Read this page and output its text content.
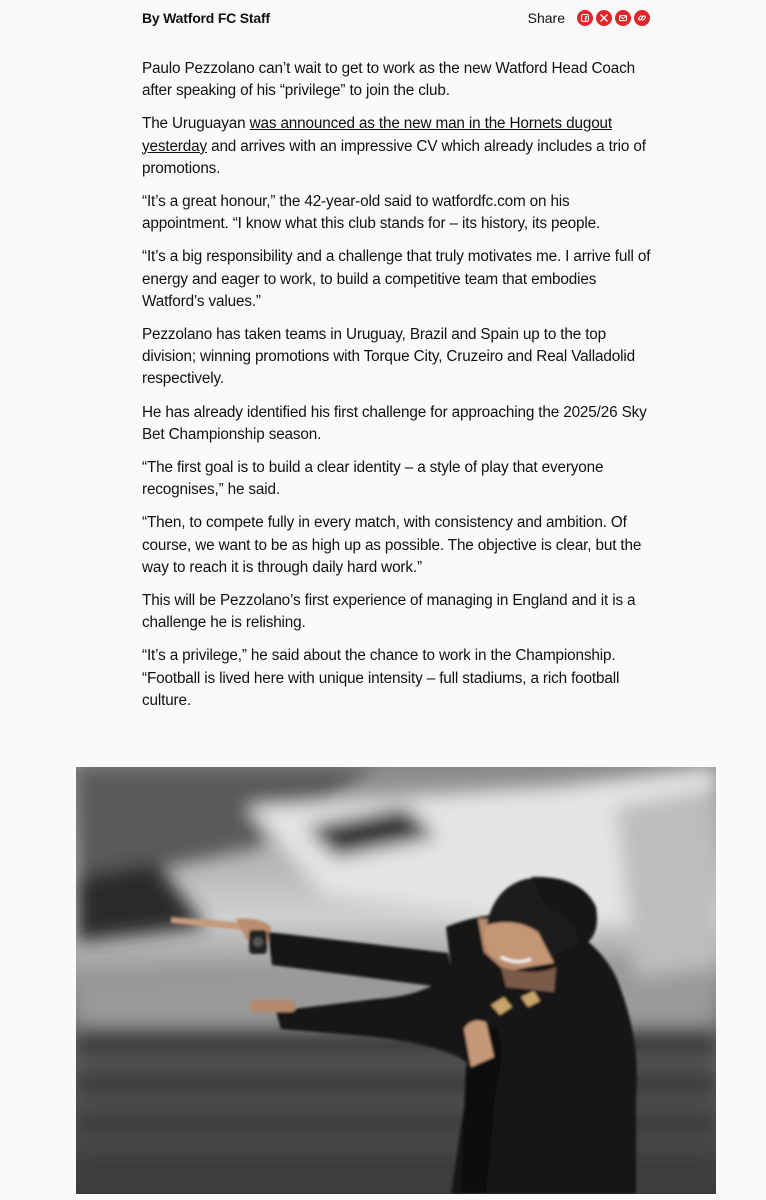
By Watford FC Staff	Share

Paulo Pezzolano can’t wait to get to work as the new Watford Head Coach after speaking of his “privilege” to join the club.

The Uruguayan was announced as the new man in the Hornets dugout yesterday and arrives with an impressive CV which already includes a trio of promotions.

“It’s a great honour,” the 42-year-old said to watfordfc.com on his appointment. “I know what this club stands for – its history, its people.

“It’s a big responsibility and a challenge that truly motivates me. I arrive full of energy and eager to work, to build a competitive team that embodies Watford’s values.”

Pezzolano has taken teams in Uruguay, Brazil and Spain up to the top division; winning promotions with Torque City, Cruzeiro and Real Valladolid respectively.

He has already identified his first challenge for approaching the 2025/26 Sky Bet Championship season.

“The first goal is to build a clear identity – a style of play that everyone recognises,” he said.

“Then, to compete fully in every match, with consistency and ambition. Of course, we want to be as high up as possible. The objective is clear, but the way to reach it is through daily hard work.”

This will be Pezzolano’s first experience of managing in England and it is a challenge he is relishing.

“It’s a privilege,” he said about the chance to work in the Championship. “Football is lived here with unique intensity – full stadiums, a rich football culture.
